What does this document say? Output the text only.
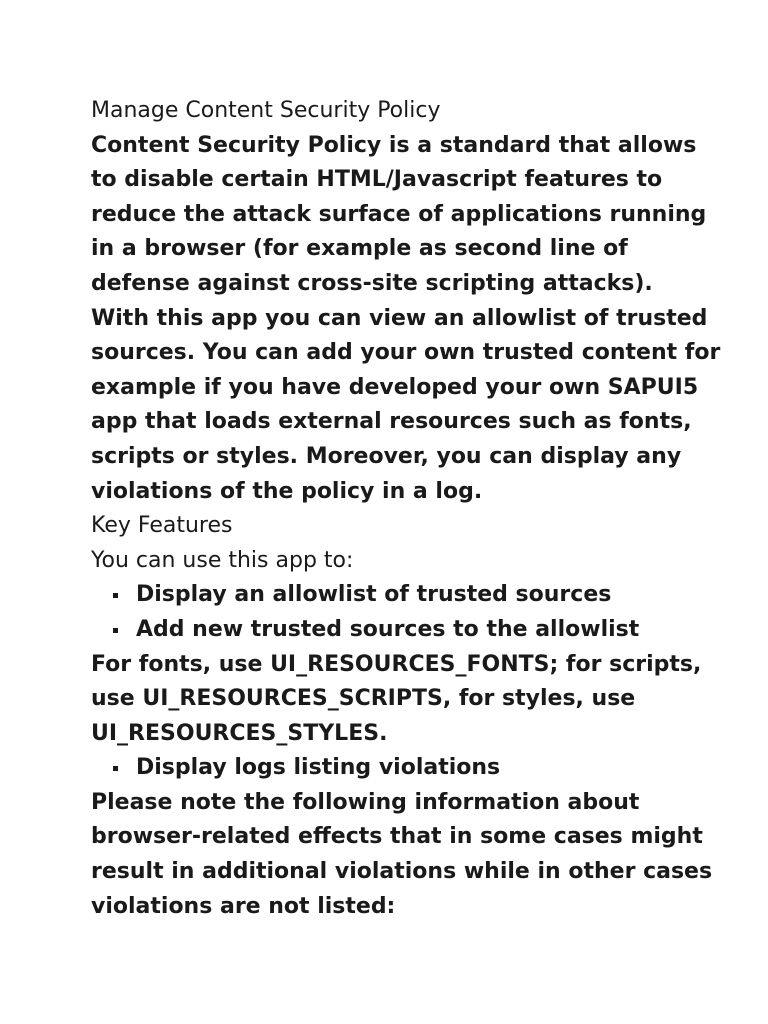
Manage Content Security Policy

Content Security Policy is a standard that allows to disable certain HTML/Javascript features to reduce the attack surface of applications running in a browser (for example as second line of defense against cross-site scripting attacks).

With this app you can view an allowlist of trusted sources. You can add your own trusted content for example if you have developed your own SAPUI5 app that loads external resources such as fonts, scripts or styles. Moreover, you can display any violations of the policy in a log.

Key Features

You can use this app to:

Display an allowlist of trusted sources
Add new trusted sources to the allowlist

For fonts, use UI_RESOURCES_FONTS; for scripts, use UI_RESOURCES_SCRIPTS, for styles, use UI_RESOURCES_STYLES.

Display logs listing violations

Please note the following information about browser-related effects that in some cases might result in additional violations while in other cases violations are not listed:
